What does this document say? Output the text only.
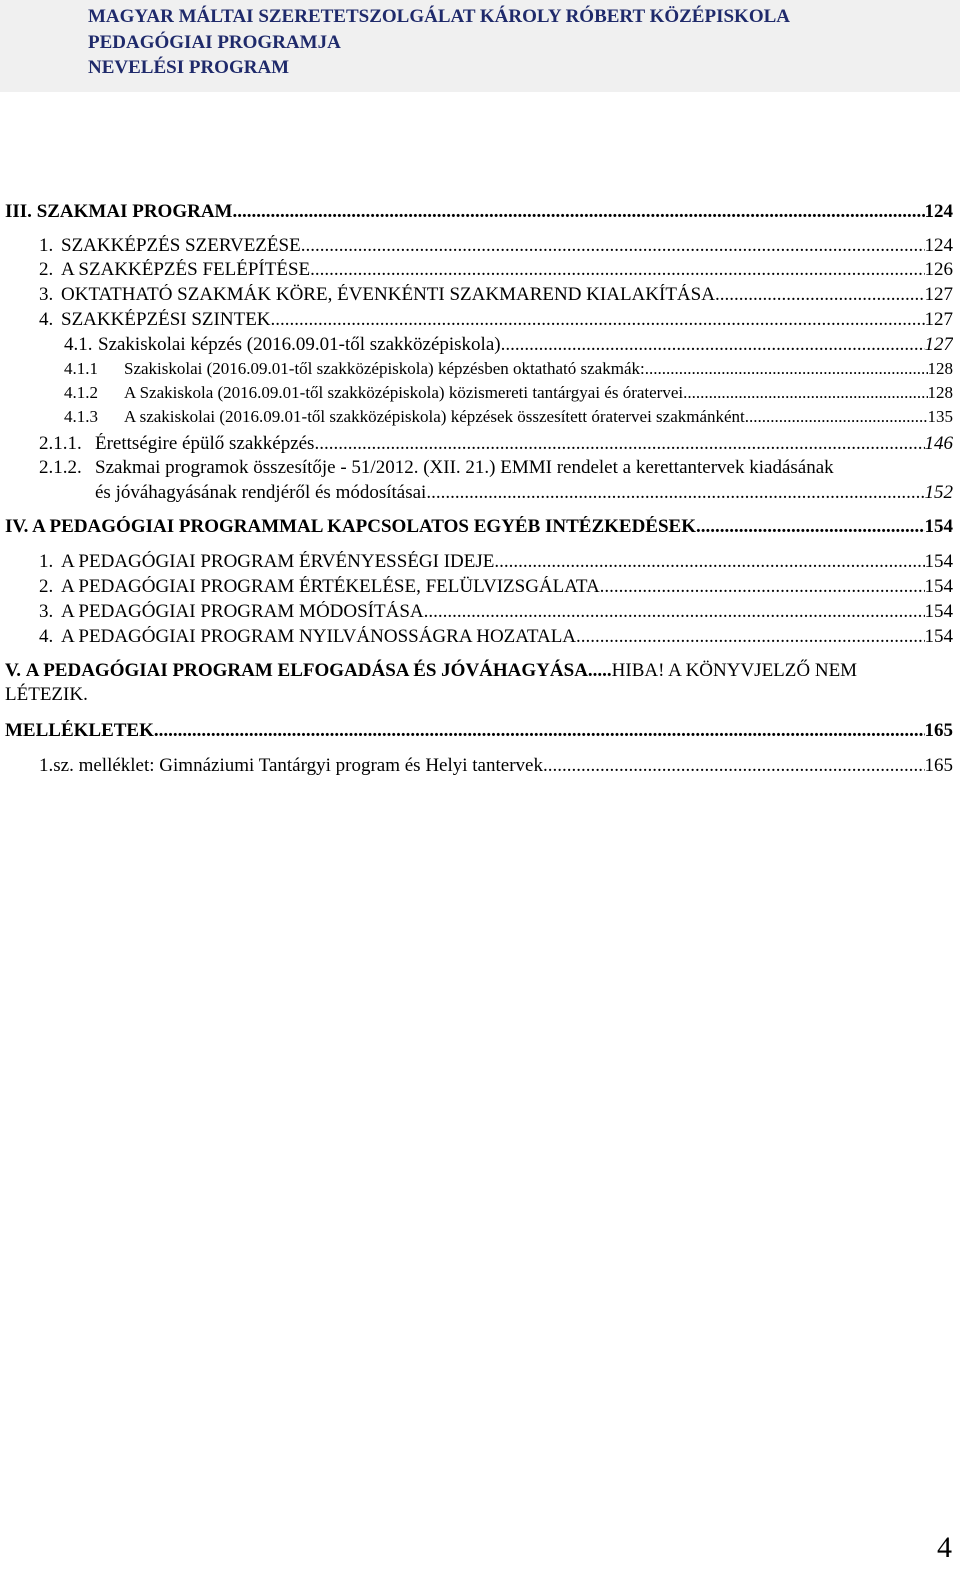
MAGYAR MÁLTAI SZERETETSZOLGÁLAT KÁROLY RÓBERT KÖZÉPISKOLA
PEDAGÓGIAI PROGRAMJA
NEVELÉSI PROGRAM
III. SZAKMAI PROGRAM .....	124
1. SZAKKÉPZÉS SZERVEZÉSE .....	124
2. A SZAKKÉPZÉS FELÉPÍTÉSE .....	126
3. OKTATHATÓ SZAKMÁK KÖRE, ÉVENKÉNTI SZAKMAREND KIALAKÍTÁSA .....	127
4. SZAKKÉPZÉSI SZINTEK .....	127
4.1. Szakiskolai képzés (2016.09.01-től szakközépiskola) .....	127
4.1.1 Szakiskolai (2016.09.01-től szakközépiskola) képzésben oktatható szakmák: .....	128
4.1.2 A Szakiskola (2016.09.01-től szakközépiskola) közismereti tantárgyai és óratervei .....	128
4.1.3 A szakiskolai (2016.09.01-től szakközépiskola) képzések összesített óratervei szakmánként .....	135
2.1.1. Érettségire épülő szakképzés .....	146
2.1.2. Szakmai programok összesítője - 51/2012. (XII. 21.) EMMI rendelet a kerettantervek kiadásának
és jóváhagyásának rendjéről és módosításai .....	152
IV. A PEDAGÓGIAI PROGRAMMAL KAPCSOLATOS EGYÉB INTÉZKEDÉSEK .....	154
1. A PEDAGÓGIAI PROGRAM ÉRVÉNYESSÉGI IDEJE .....	154
2. A PEDAGÓGIAI PROGRAM ÉRTÉKELÉSE, FELÜLVIZSGÁLATA .....	154
3. A PEDAGÓGIAI PROGRAM MÓDOSÍTÁSA .....	154
4. A PEDAGÓGIAI PROGRAM NYILVÁNOSSÁGRA HOZATALA .....	154
V. A PEDAGÓGIAI PROGRAM ELFOGADÁSA ÉS JÓVÁHAGYÁSA.....HIBA! A KÖNYVJELZŐ NEM
LÉTEZIK.
MELLÉKLETEK .....	165
1.sz. melléklet: Gimnáziumi Tantárgyi program és Helyi tantervek .....	165
4
